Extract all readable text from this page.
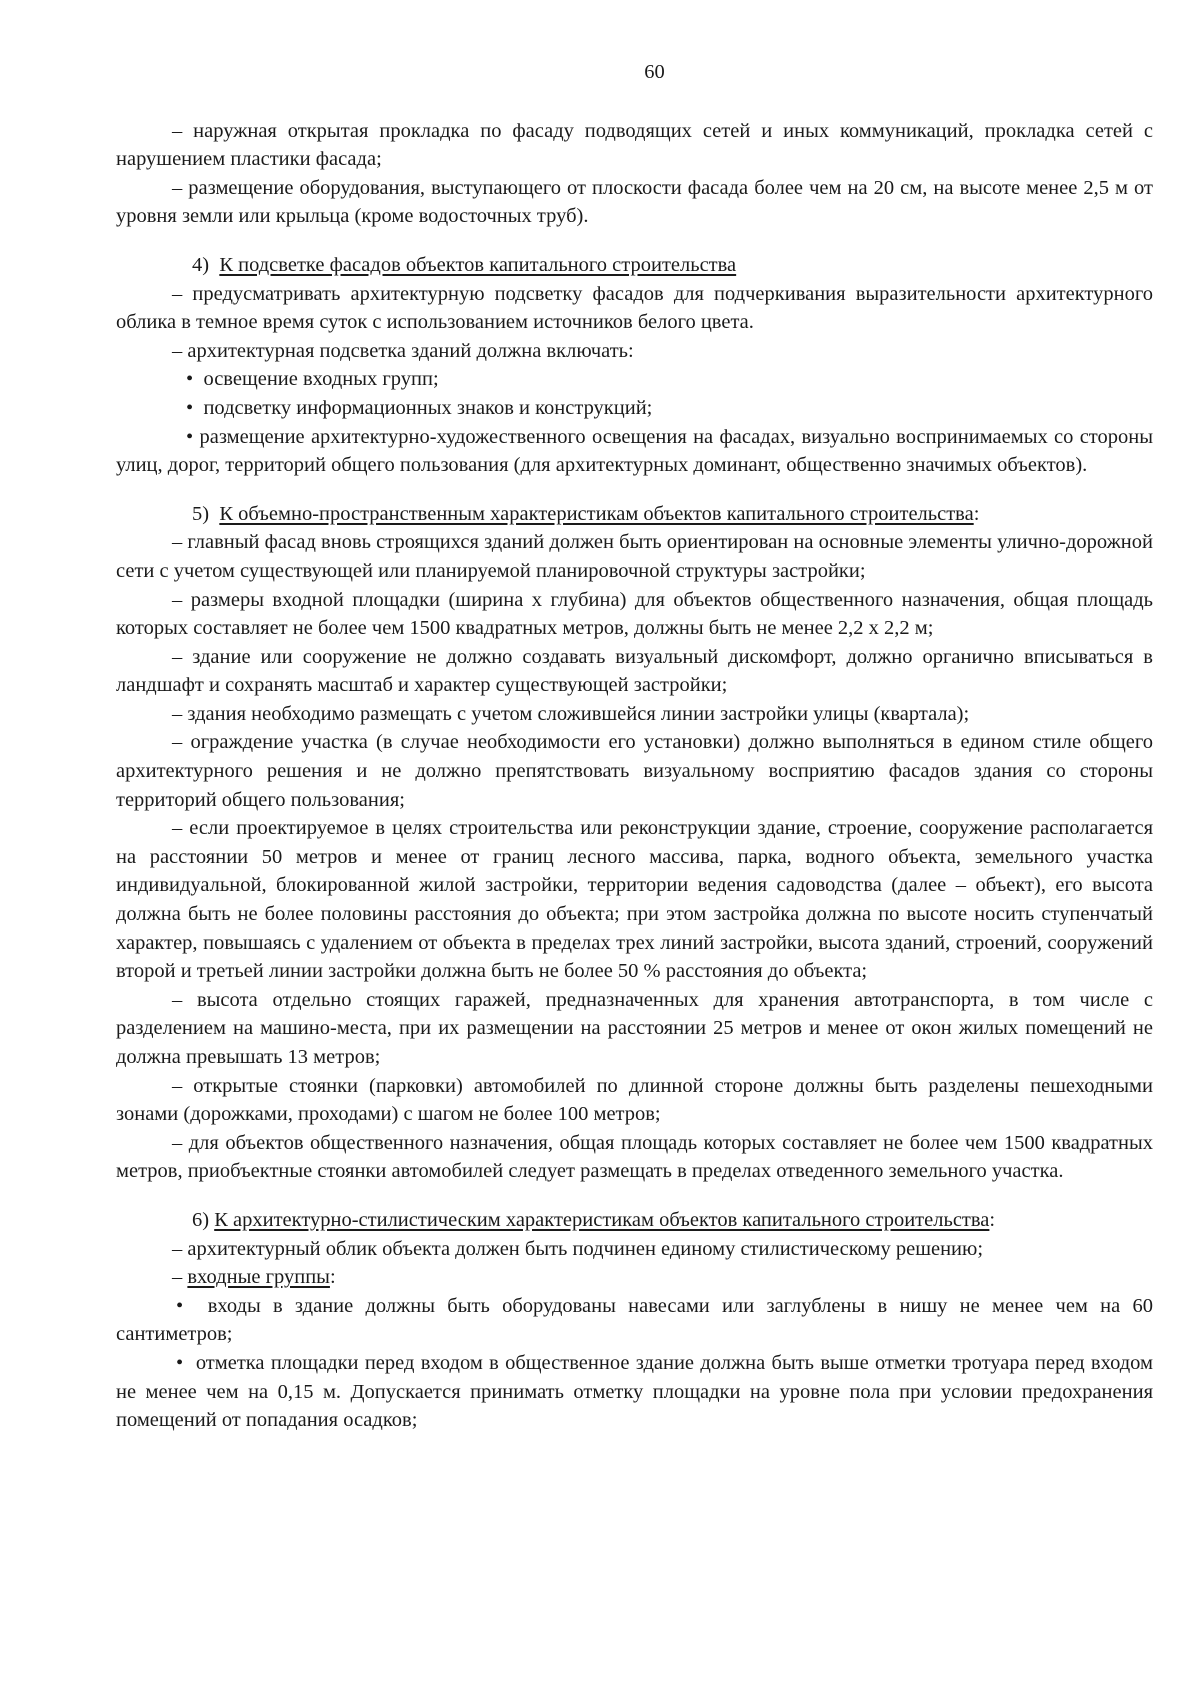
60

– наружная открытая прокладка по фасаду подводящих сетей и иных коммуникаций, прокладка сетей с нарушением пластики фасада;

– размещение оборудования, выступающего от плоскости фасада более чем на 20 см, на высоте менее 2,5 м от уровня земли или крыльца (кроме водосточных труб).

4) К подсветке фасадов объектов капитального строительства

– предусматривать архитектурную подсветку фасадов для подчеркивания выразительности архитектурного облика в темное время суток с использованием источников белого цвета.

– архитектурная подсветка зданий должна включать:

• освещение входных групп;

• подсветку информационных знаков и конструкций;

• размещение архитектурно-художественного освещения на фасадах, визуально воспринимаемых со стороны улиц, дорог, территорий общего пользования (для архитектурных доминант, общественно значимых объектов).

5) К объемно-пространственным характеристикам объектов капитального строительства:

– главный фасад вновь строящихся зданий должен быть ориентирован на основные элементы улично-дорожной сети с учетом существующей или планируемой планировочной структуры застройки;

– размеры входной площадки (ширина х глубина) для объектов общественного назначения, общая площадь которых составляет не более чем 1500 квадратных метров, должны быть не менее 2,2 х 2,2 м;

– здание или сооружение не должно создавать визуальный дискомфорт, должно органично вписываться в ландшафт и сохранять масштаб и характер существующей застройки;

– здания необходимо размещать с учетом сложившейся линии застройки улицы (квартала);

– ограждение участка (в случае необходимости его установки) должно выполняться в едином стиле общего архитектурного решения и не должно препятствовать визуальному восприятию фасадов здания со стороны территорий общего пользования;

– если проектируемое в целях строительства или реконструкции здание, строение, сооружение располагается на расстоянии 50 метров и менее от границ лесного массива, парка, водного объекта, земельного участка индивидуальной, блокированной жилой застройки, территории ведения садоводства (далее – объект), его высота должна быть не более половины расстояния до объекта; при этом застройка должна по высоте носить ступенчатый характер, повышаясь с удалением от объекта в пределах трех линий застройки, высота зданий, строений, сооружений второй и третьей линии застройки должна быть не более 50 % расстояния до объекта;

– высота отдельно стоящих гаражей, предназначенных для хранения автотранспорта, в том числе с разделением на машино-места, при их размещении на расстоянии 25 метров и менее от окон жилых помещений не должна превышать 13 метров;

– открытые стоянки (парковки) автомобилей по длинной стороне должны быть разделены пешеходными зонами (дорожками, проходами) с шагом не более 100 метров;

– для объектов общественного назначения, общая площадь которых составляет не более чем 1500 квадратных метров, приобъектные стоянки автомобилей следует размещать в пределах отведенного земельного участка.

6) К архитектурно-стилистическим характеристикам объектов капитального строительства:

– архитектурный облик объекта должен быть подчинен единому стилистическому решению;

– входные группы:

• входы в здание должны быть оборудованы навесами или заглублены в нишу не менее чем на 60 сантиметров;

• отметка площадки перед входом в общественное здание должна быть выше отметки тротуара перед входом не менее чем на 0,15 м. Допускается принимать отметку площадки на уровне пола при условии предохранения помещений от попадания осадков;
